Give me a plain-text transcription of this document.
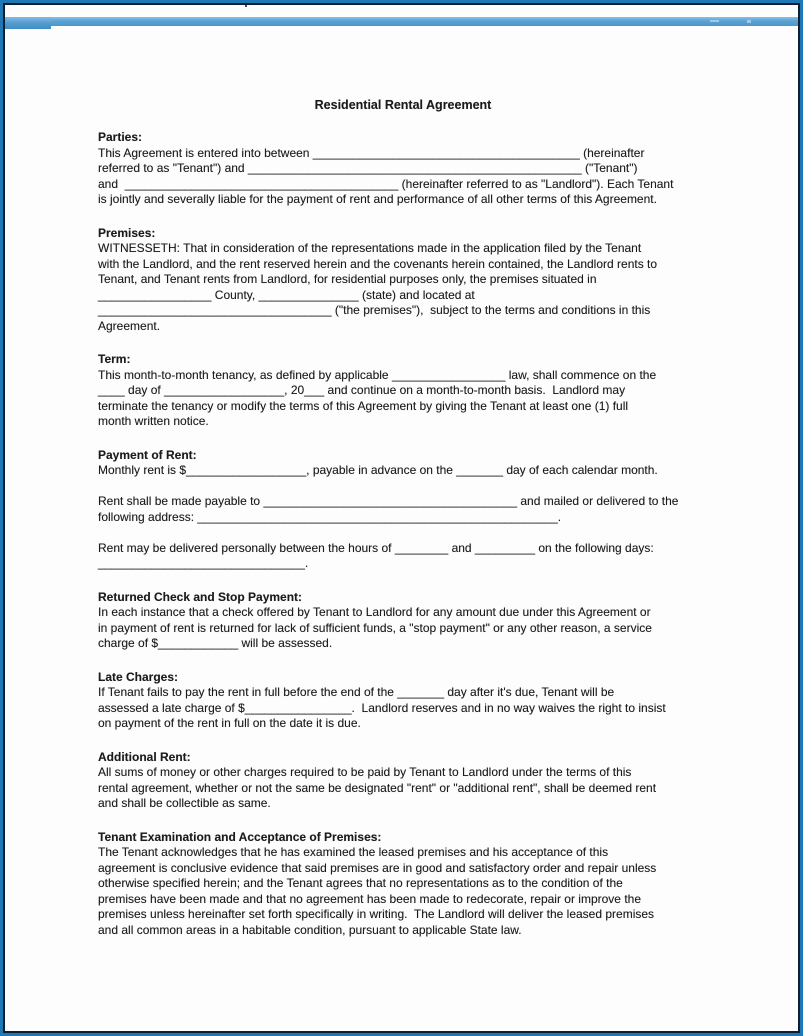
Residential Rental Agreement
Parties:
This Agreement is entered into between ________________________________________ (hereinafter
referred to as "Tenant") and __________________________________________________ ("Tenant")
and  _________________________________________ (hereinafter referred to as "Landlord"). Each Tenant
is jointly and severally liable for the payment of rent and performance of all other terms of this Agreement.
Premises:
WITNESSETH: That in consideration of the representations made in the application filed by the Tenant
with the Landlord, and the rent reserved herein and the covenants herein contained, the Landlord rents to
Tenant, and Tenant rents from Landlord, for residential purposes only, the premises situated in
_________________ County, _______________ (state) and located at
___________________________________ ("the premises"),  subject to the terms and conditions in this
Agreement.
Term:
This month-to-month tenancy, as defined by applicable _________________ law, shall commence on the
____ day of __________________, 20___ and continue on a month-to-month basis.  Landlord may
terminate the tenancy or modify the terms of this Agreement by giving the Tenant at least one (1) full
month written notice.
Payment of Rent:
Monthly rent is $__________________, payable in advance on the _______ day of each calendar month.

Rent shall be made payable to ______________________________________ and mailed or delivered to the
following address: ______________________________________________________.

Rent may be delivered personally between the hours of ________ and _________ on the following days:
_______________________________.
Returned Check and Stop Payment:
In each instance that a check offered by Tenant to Landlord for any amount due under this Agreement or
in payment of rent is returned for lack of sufficient funds, a "stop payment" or any other reason, a service
charge of $____________ will be assessed.
Late Charges:
If Tenant fails to pay the rent in full before the end of the _______ day after it's due, Tenant will be
assessed a late charge of $________________.  Landlord reserves and in no way waives the right to insist
on payment of the rent in full on the date it is due.
Additional Rent:
All sums of money or other charges required to be paid by Tenant to Landlord under the terms of this
rental agreement, whether or not the same be designated "rent" or "additional rent", shall be deemed rent
and shall be collectible as same.
Tenant Examination and Acceptance of Premises:
The Tenant acknowledges that he has examined the leased premises and his acceptance of this
agreement is conclusive evidence that said premises are in good and satisfactory order and repair unless
otherwise specified herein; and the Tenant agrees that no representations as to the condition of the
premises have been made and that no agreement has been made to redecorate, repair or improve the
premises unless hereinafter set forth specifically in writing.  The Landlord will deliver the leased premises
and all common areas in a habitable condition, pursuant to applicable State law.
